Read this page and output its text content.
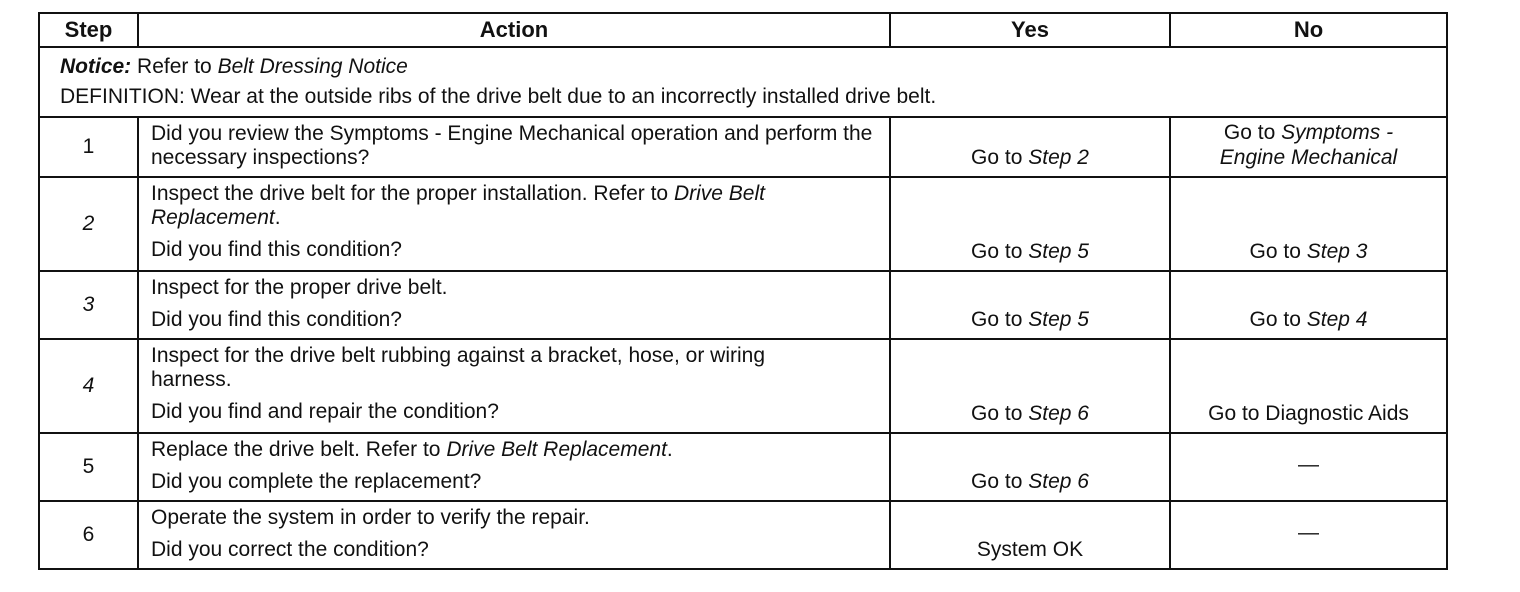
Step	Action	Yes	No

Notice: Refer to Belt Dressing Notice
DEFINITION: Wear at the outside ribs of the drive belt due to an incorrectly installed drive belt.			

1	Did you review the Symptoms - Engine Mechanical operation and perform the necessary inspections?	Go to Step 2	Go to Symptoms - Engine Mechanical
2	Inspect the drive belt for the proper installation. Refer to Drive Belt Replacement.
Did you find this condition?	Go to Step 5	Go to Step 3
3	Inspect for the proper drive belt.
Did you find this condition?	Go to Step 5	Go to Step 4
4	Inspect for the drive belt rubbing against a bracket, hose, or wiring harness.
Did you find and repair the condition?	Go to Step 6	Go to Diagnostic Aids
5	Replace the drive belt. Refer to Drive Belt Replacement.
Did you complete the replacement?	Go to Step 6	—
6	Operate the system in order to verify the repair.
Did you correct the condition?	System OK	—
